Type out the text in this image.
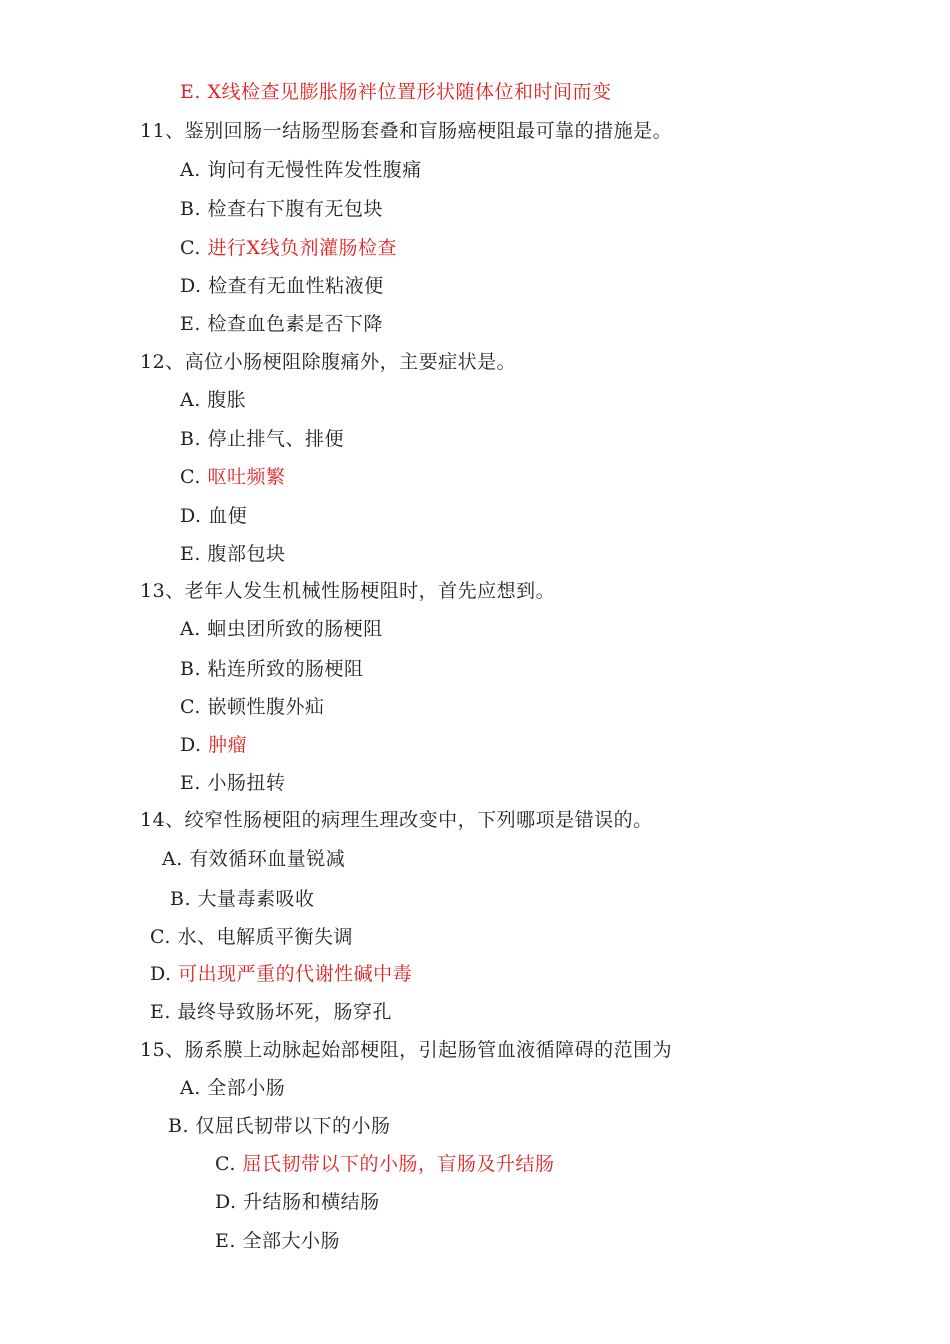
E. X线检查见膨胀肠袢位置形状随体位和时间而变
11、鉴别回肠一结肠型肠套叠和盲肠癌梗阻最可靠的措施是。
A. 询问有无慢性阵发性腹痛
B. 检查右下腹有无包块
C. 进行X线负剂灌肠检查
D. 检查有无血性粘液便
E. 检查血色素是否下降
12、高位小肠梗阻除腹痛外，主要症状是。
A. 腹胀
B. 停止排气、排便
C. 呕吐频繁
D. 血便
E. 腹部包块
13、老年人发生机械性肠梗阻时，首先应想到。
A. 蛔虫团所致的肠梗阻
B. 粘连所致的肠梗阻
C. 嵌顿性腹外疝
D. 肿瘤
E. 小肠扭转
14、绞窄性肠梗阻的病理生理改变中，下列哪项是错误的。
A. 有效循环血量锐减
B. 大量毒素吸收
C. 水、电解质平衡失调
D. 可出现严重的代谢性碱中毒
E. 最终导致肠坏死，肠穿孔
15、肠系膜上动脉起始部梗阻，引起肠管血液循障碍的范围为
A. 全部小肠
B. 仅屈氏韧带以下的小肠
C. 屈氏韧带以下的小肠，盲肠及升结肠
D. 升结肠和横结肠
E. 全部大小肠
